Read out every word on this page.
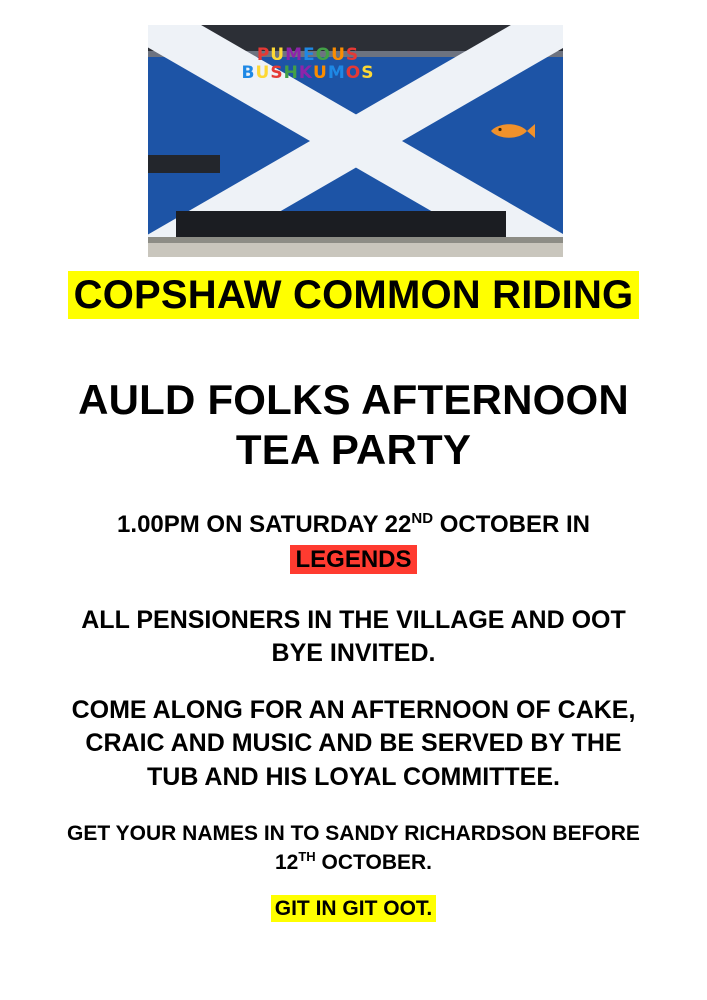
PUMEOUS
BUSHKUMOS
COPSHAW COMMON RIDING
AULD FOLKS AFTERNOON
TEA PARTY
1.00PM ON SATURDAY 22ND OCTOBER IN
LEGENDS
ALL PENSIONERS IN THE VILLAGE AND OOT
BYE INVITED.
COME ALONG FOR AN AFTERNOON OF CAKE,
CRAIC AND MUSIC AND BE SERVED BY THE
TUB AND HIS LOYAL COMMITTEE.
GET YOUR NAMES IN TO SANDY RICHARDSON BEFORE
12TH OCTOBER.
GIT IN GIT OOT.
